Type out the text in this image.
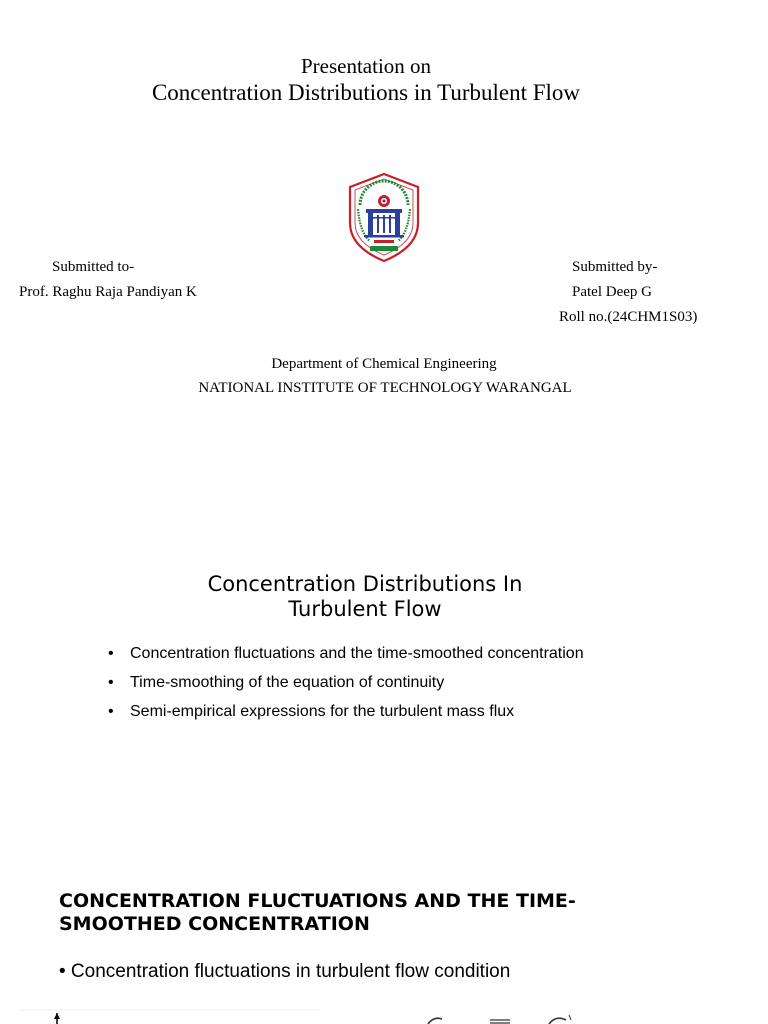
Presentation on
Concentration Distributions in Turbulent Flow
Submitted to-
Prof. Raghu Raja Pandiyan K
Submitted by-
Patel Deep G
Roll no.(24CHM1S03)
Department of Chemical Engineering
NATIONAL INSTITUTE OF TECHNOLOGY WARANGAL
Concentration Distributions In
Turbulent Flow
• Concentration fluctuations and the time-smoothed concentration
• Time-smoothing of the equation of continuity
• Semi-empirical expressions for the turbulent mass flux
CONCENTRATION FLUCTUATIONS AND THE TIME-
SMOOTHED CONCENTRATION
• Concentration fluctuations in turbulent flow condition
